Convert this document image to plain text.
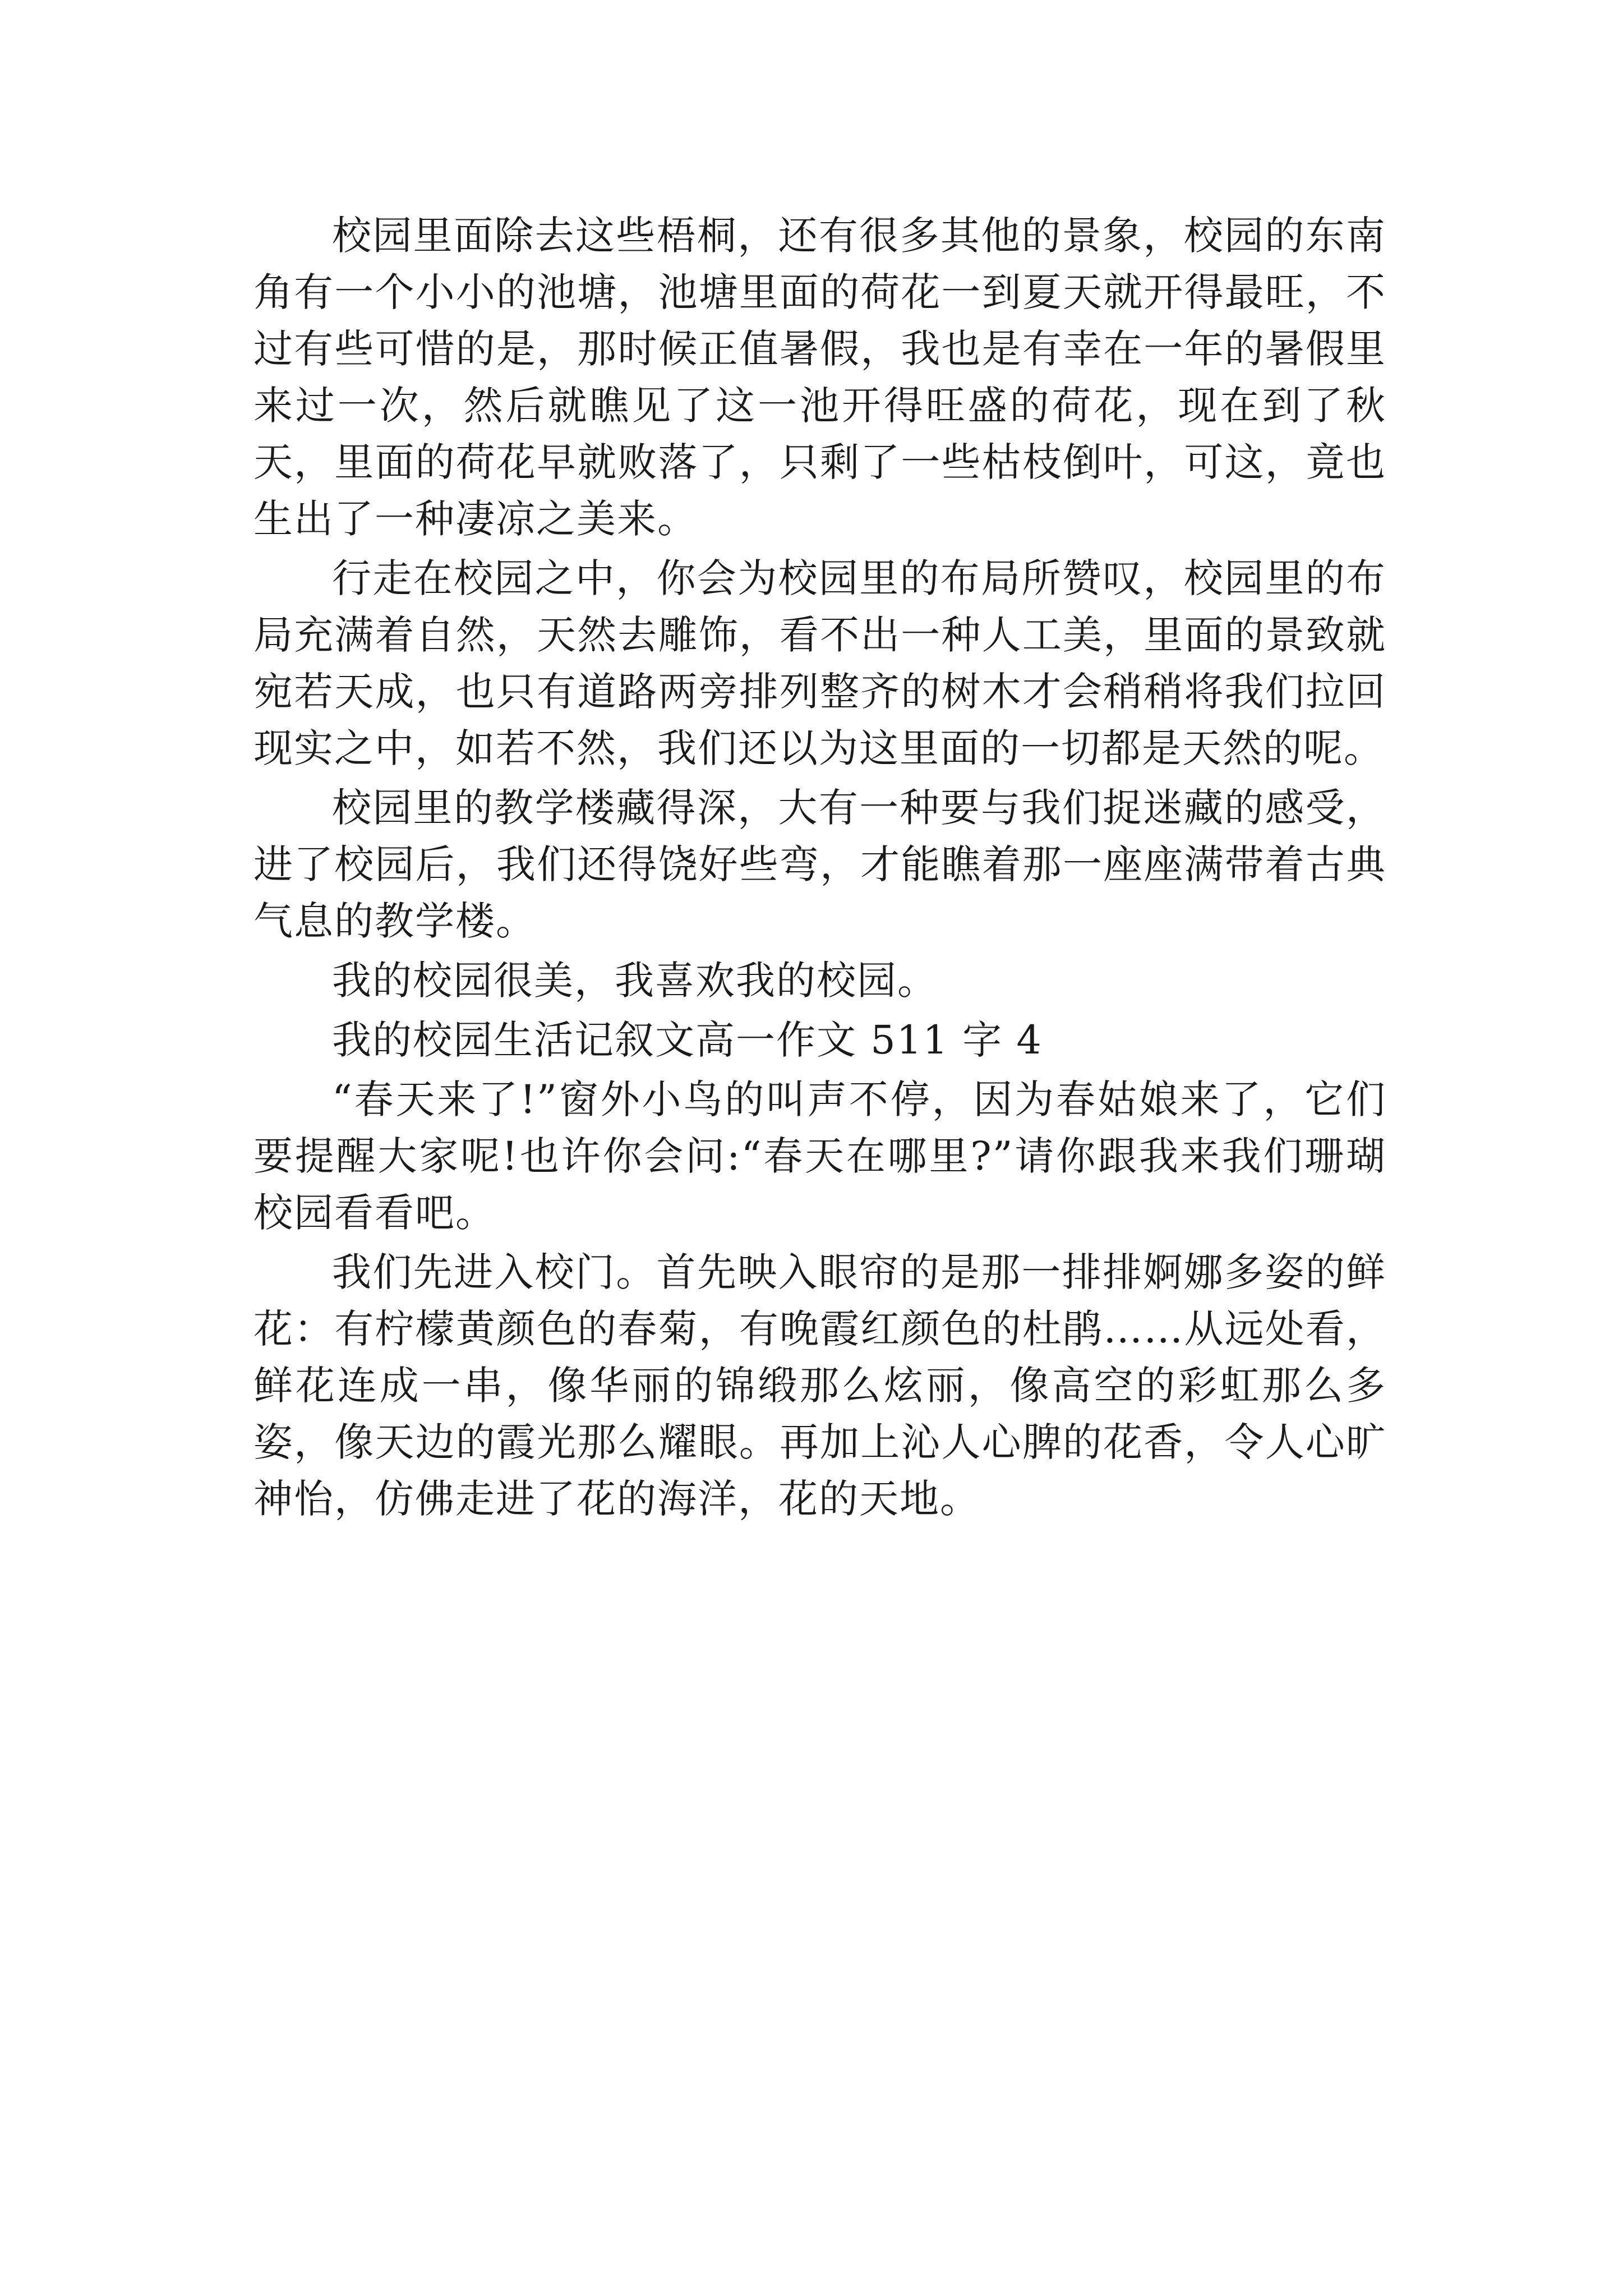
校园里面除去这些梧桐，还有很多其他的景象，校园的东南角有一个小小的池塘，池塘里面的荷花一到夏天就开得最旺，不过有些可惜的是，那时候正值暑假，我也是有幸在一年的暑假里来过一次，然后就瞧见了这一池开得旺盛的荷花，现在到了秋天，里面的荷花早就败落了，只剩了一些枯枝倒叶，可这，竟也生出了一种凄凉之美来。

行走在校园之中，你会为校园里的布局所赞叹，校园里的布局充满着自然，天然去雕饰，看不出一种人工美，里面的景致就宛若天成，也只有道路两旁排列整齐的树木才会稍稍将我们拉回现实之中，如若不然，我们还以为这里面的一切都是天然的呢。

校园里的教学楼藏得深，大有一种要与我们捉迷藏的感受，进了校园后，我们还得饶好些弯，才能瞧着那一座座满带着古典气息的教学楼。

我的校园很美，我喜欢我的校园。

我的校园生活记叙文高一作文 511 字 4

“春天来了!”窗外小鸟的叫声不停，因为春姑娘来了，它们要提醒大家呢!也许你会问:“春天在哪里?”请你跟我来我们珊瑚校园看看吧。

我们先进入校门。首先映入眼帘的是那一排排婀娜多姿的鲜花：有柠檬黄颜色的春菊，有晚霞红颜色的杜鹃……从远处看，鲜花连成一串，像华丽的锦缎那么炫丽，像高空的彩虹那么多姿，像天边的霞光那么耀眼。再加上沁人心脾的花香，令人心旷神怡，仿佛走进了花的海洋，花的天地。
